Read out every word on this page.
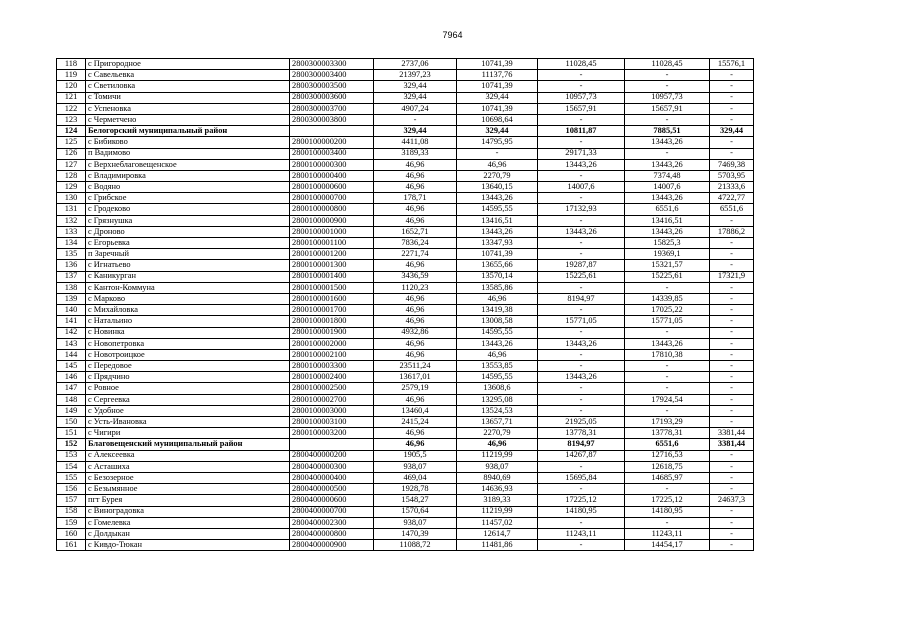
7964
118	с Пригородное	2800300003300	2737,06	10741,39	11028,45	11028,45	15576,1
119	с Савельевка	2800300003400	21397,23	11137,76	-	-	-
120	с Светиловка	2800300003500	329,44	10741,39	-	-	-
121	с Томичи	2800300003600	329,44	329,44	10957,73	10957,73	-
122	с Успеновка	2800300003700	4907,24	10741,39	15657,91	15657,91	-
123	с Черметчено	2800300003800	-	10698,64	-	-	-
124	Белогорский муниципальный район		329,44	329,44	10811,87	7885,51	329,44
125	с Бибиково	2800100000200	4411,08	14795,95	-	13443,26	-
126	п Вадимово	2800100003400	3189,33	-	29171,33	-	-
127	с Верхнеблаговещенское	2800100000300	46,96	46,96	13443,26	13443,26	7469,38
128	с Владимировка	2800100000400	46,96	2270,79	-	7374,48	5703,95
129	с Водяно	2800100000600	46,96	13640,15	14007,6	14007,6	21333,6
130	с Грибское	2800100000700	178,71	13443,26	-	13443,26	4722,77
131	с Гродеково	2800100000800	46,96	14595,55	17132,93	6551,6	6551,6
132	с Грязнушка	2800100000900	46,96	13416,51	-	13416,51	-
133	с Дроново	2800100001000	1652,71	13443,26	13443,26	13443,26	17886,2
134	с Егорьевка	2800100001100	7836,24	13347,93	-	15825,3	-
135	п Заречный	2800100001200	2271,74	10741,39	-	19369,1	-
136	с Игнатьево	2800100001300	46,96	13655,66	19287,87	15321,57	-
137	с Каникурган	2800100001400	3436,59	13570,14	15225,61	15225,61	17321,9
138	с Кантон-Коммуна	2800100001500	1120,23	13585,86	-	-	-
139	с Марково	2800100001600	46,96	46,96	8194,97	14339,85	-
140	с Михайловка	2800100001700	46,96	13419,38	-	17025,22	-
141	с Натальино	2800100001800	46,96	13008,58	15771,05	15771,05	-
142	с Новинка	2800100001900	4932,86	14595,55	-	-	-
143	с Новопетровка	2800100002000	46,96	13443,26	13443,26	13443,26	-
144	с Новотроицкое	2800100002100	46,96	46,96	-	17810,38	-
145	с Передовое	2800100003300	23511,24	13553,85	-	-	-
146	с Прядчино	2800100002400	13617,01	14595,55	13443,26	-	-
147	с Ровное	2800100002500	2579,19	13608,6	-	-	-
148	с Сергеевка	2800100002700	46,96	13295,08	-	17924,54	-
149	с Удобное	2800100003000	13460,4	13524,53	-	-	-
150	с Усть-Ивановка	2800100003100	2415,24	13657,71	21925,05	17193,29	-
151	с Чигири	2800100003200	46,96	2270,79	13778,31	13778,31	3381,44
152	Благовещенский муниципальный район		46,96	46,96	8194,97	6551,6	3381,44
153	с Алексеевка	2800400000200	1905,5	11219,99	14267,87	12716,53	-
154	с Асташиха	2800400000300	938,07	938,07	-	12618,75	-
155	с Безозерное	2800400000400	469,04	8940,69	15695,84	14685,97	-
156	с Безымянное	2800400000500	1928,78	14636,93	-	-	-
157	пгт Бурея	2800400000600	1548,27	3189,33	17225,12	17225,12	24637,3
158	с Виноградовка	2800400000700	1570,64	11219,99	14180,95	14180,95	-
159	с Гомелевка	2800400002300	938,07	11457,02	-	-	-
160	с Долдыкан	2800400000800	1470,39	12614,7	11243,11	11243,11	-
161	с Кивдо-Тюкан	2800400000900	11088,72	11481,86	-	14454,17	-
